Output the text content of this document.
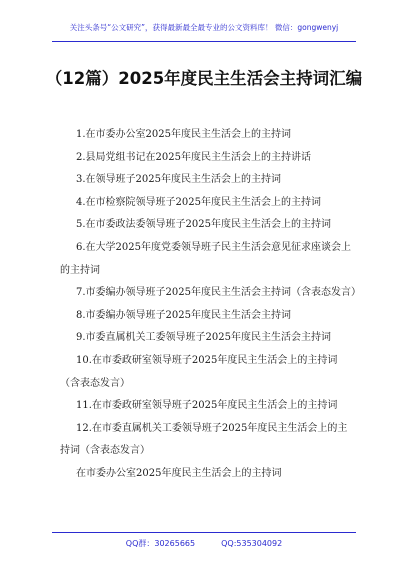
关注头条号“公文研究”，获得最新最全最专业的公文资料库！ 微信：gongwenyj
（12篇）2025年度民主生活会主持词汇编
1.在市委办公室2025年度民主生活会上的主持词
2.县局党组书记在2025年度民主生活会上的主持讲话
3.在领导班子2025年度民主生活会上的主持词
4.在市检察院领导班子2025年度民主生活会上的主持词
5.在市委政法委领导班子2025年度民主生活会上的主持词
6.在大学2025年度党委领导班子民主生活会意见征求座谈会上的主持词
7.市委编办领导班子2025年度民主生活会主持词（含表态发言）
8.市委编办领导班子2025年度民主生活会主持词
9.市委直属机关工委领导班子2025年度民主生活会主持词
10.在市委政研室领导班子2025年度民主生活会上的主持词（含表态发言）
11.在市委政研室领导班子2025年度民主生活会上的主持词
12.在市委直属机关工委领导班子2025年度民主生活会上的主持词（含表态发言）
在市委办公室2025年度民主生活会上的主持词
QQ群：30265665	QQ:535304092
